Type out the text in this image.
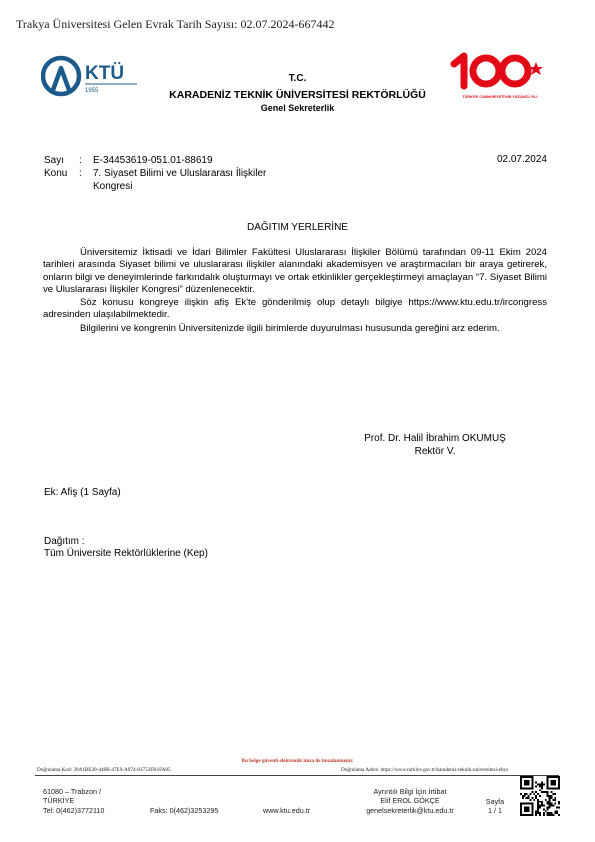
Trakya Üniversitesi Gelen Evrak Tarih Sayısı: 02.07.2024-667442
KTÜ
1955
TÜRKİYE CUMHURİYETİ'NİN YÜZÜNCÜ YILI
T.C.
KARADENİZ TEKNİK ÜNİVERSİTESİ REKTÖRLÜĞÜ
Genel Sekreterlik
Sayı : E-34453619-051.01-88619	02.07.2024
Konu : 7. Siyaset Bilimi ve Uluslararası İlişkiler
Kongresi
DAĞITIM YERLERİNE

Üniversitemiz İktisadi ve İdari Bilimler Fakültesi Uluslararası İlişkiler Bölümü tarafından 09-11 Ekim 2024 tarihleri arasında Siyaset bilimi ve uluslararası ilişkiler alanındaki akademisyen ve araştırmacıları bir araya getirerek, onların bilgi ve deneyimlerinde farkındalık oluşturmayı ve ortak etkinlikler gerçekleştirmeyi amaçlayan “7. Siyaset Bilimi ve Uluslararası İlişkiler Kongresi” düzenlenecektir.

Söz konusu kongreye ilişkin afiş Ek'te gönderilmiş olup detaylı bilgiye https://www.ktu.edu.tr/ircongress adresinden ulaşılabilmektedir.

Bilgilerini ve kongrenin Üniversitenizde ilgili birimlerde duyurulması hususunda gereğini arz ederim.

Prof. Dr. Halil İbrahim OKUMUŞ
Rektör V.
Ek: Afiş (1 Sayfa)
Dağıtım :
Tüm Üniversite Rektörlüklerine (Kep)
Bu belge güvenli elektronik imza ile imzalanmıştır.
Doğrulama Kod: 39A1BE20-440B-47E9-A974-83753FB1FA85	Doğrulama Adres: https://www.turkiye.gov.tr/karadeniz-teknik-universitesi-ebys
61080 – Trabzon /
TÜRKİYE
Tel: 0(462)3772110	Faks: 0(462)3253295	www.ktu.edu.tr
Ayrıntılı Bilgi İçin İrtibat
Elif EROL GÖKÇE
genelsekreterlik@ktu.edu.tr
Sayfa
1 / 1
